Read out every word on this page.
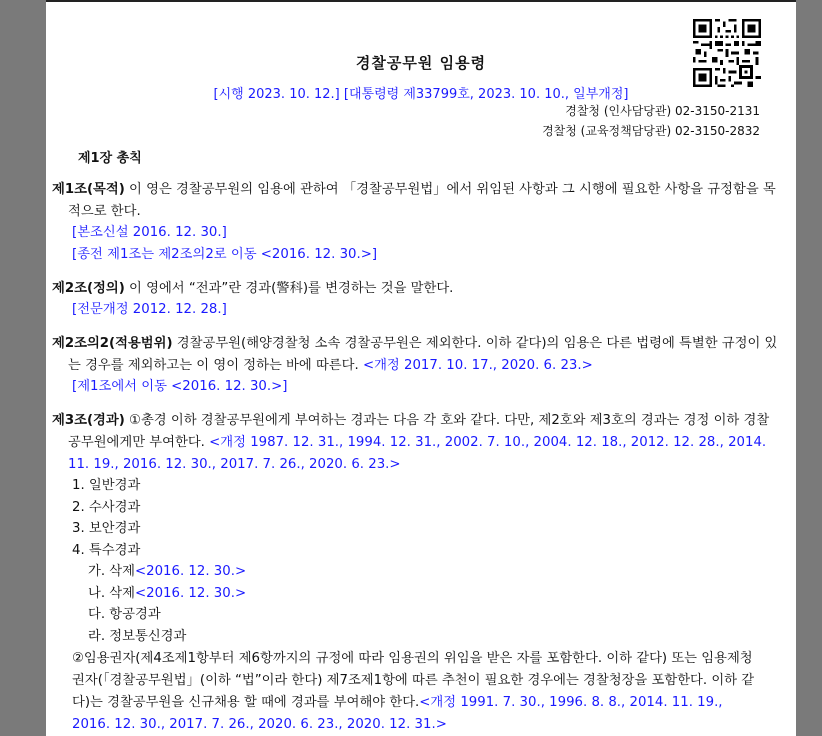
경찰공무원 임용령
[시행 2023. 10. 12.] [대통령령 제33799호, 2023. 10. 10., 일부개정]
경찰청 (인사담당관) 02-3150-2131
경찰청 (교육정책담당관) 02-3150-2832
제1장 총칙
제1조(목적) 이 영은 경찰공무원의 임용에 관하여 「경찰공무원법」에서 위임된 사항과 그 시행에 필요한 사항을 규정함을 목적으로 한다.
[본조신설 2016. 12. 30.]
[종전 제1조는 제2조의2로 이동 <2016. 12. 30.>]
제2조(정의) 이 영에서 “전과”란 경과(警科)를 변경하는 것을 말한다.
[전문개정 2012. 12. 28.]
제2조의2(적용범위) 경찰공무원(해양경찰청 소속 경찰공무원은 제외한다. 이하 같다)의 임용은 다른 법령에 특별한 규정이 있는 경우를 제외하고는 이 영이 정하는 바에 따른다. <개정 2017. 10. 17., 2020. 6. 23.>
[제1조에서 이동 <2016. 12. 30.>]
제3조(경과) ①총경 이하 경찰공무원에게 부여하는 경과는 다음 각 호와 같다. 다만, 제2호와 제3호의 경과는 경정 이하 경찰공무원에게만 부여한다. <개정 1987. 12. 31., 1994. 12. 31., 2002. 7. 10., 2004. 12. 18., 2012. 12. 28., 2014. 11. 19., 2016. 12. 30., 2017. 7. 26., 2020. 6. 23.>
1. 일반경과
2. 수사경과
3. 보안경과
4. 특수경과
가. 삭제<2016. 12. 30.>
나. 삭제<2016. 12. 30.>
다. 항공경과
라. 정보통신경과
②임용권자(제4조제1항부터 제6항까지의 규정에 따라 임용권의 위임을 받은 자를 포함한다. 이하 같다) 또는 임용제청권자(「경찰공무원법」(이하 “법”이라 한다) 제7조제1항에 따른 추천이 필요한 경우에는 경찰청장을 포함한다. 이하 같다)는 경찰공무원을 신규채용 할 때에 경과를 부여해야 한다.<개정 1991. 7. 30., 1996. 8. 8., 2014. 11. 19., 2016. 12. 30., 2017. 7. 26., 2020. 6. 23., 2020. 12. 31.>
